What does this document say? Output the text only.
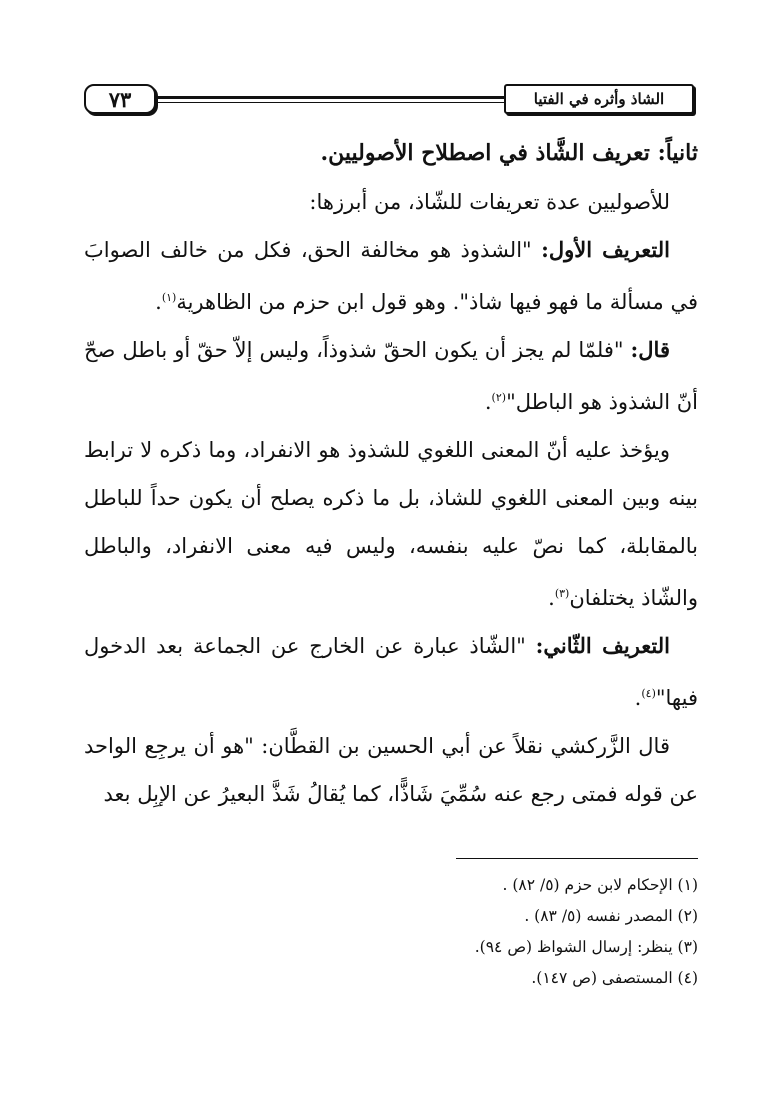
٧٣	الشاذ وأثره في الفتيا
ثانياً: تعريف الشَّاذ في اصطلاح الأصوليين.
للأصوليين عدة تعريفات للشّاذ، من أبرزها:
التعريف الأول: "الشذوذ هو مخالفة الحق، فكل من خالف الصوابَ في مسألة ما فهو فيها شاذ". وهو قول ابن حزم من الظاهرية$^{(١)}$.
قال: "فلمّا لم يجز أن يكون الحقّ شذوذاً، وليس إلاّ حقّ أو باطل صحّ أنّ الشذوذ هو الباطل"$^{(٢)}$.
ويؤخذ عليه أنّ المعنى اللغوي للشذوذ هو الانفراد، وما ذكره لا ترابط بينه وبين المعنى اللغوي للشاذ، بل ما ذكره يصلح أن يكون حداً للباطل بالمقابلة، كما نصّ عليه بنفسه، وليس فيه معنى الانفراد، والباطل والشّاذ يختلفان$^{(٣)}$.
التعريف الثّاني: "الشّاذ عبارة عن الخارج عن الجماعة بعد الدخول فيها"$^{(٤)}$.
قال الزَّركشي نقلاً عن أبي الحسين بن القطَّان: "هو أن يرجِع الواحد عن قوله فمتى رجع عنه سُمِّيَ شَاذًّا، كما يُقالُ شَذَّ البعيرُ عن الإبِل بعد
(١) الإحكام لابن حزم (٥/ ٨٢) .
(٢) المصدر نفسه (٥/ ٨٣) .
(٣) ينظر: إرسال الشواظ (ص ٩٤).
(٤) المستصفى (ص ١٤٧).
